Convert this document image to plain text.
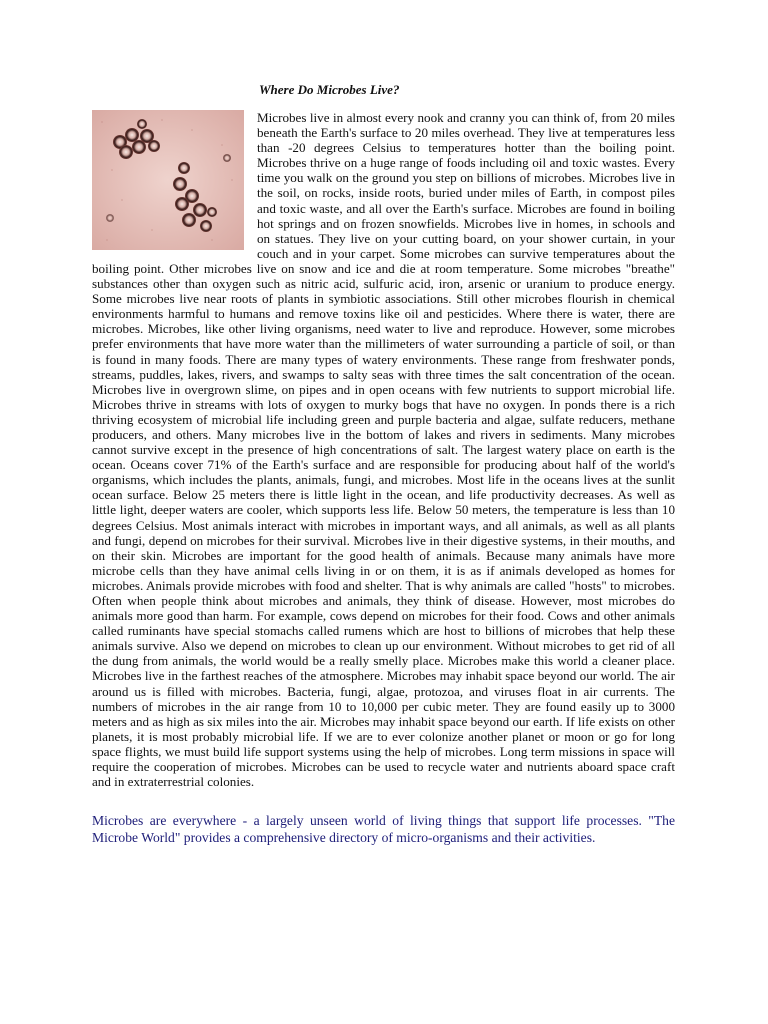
Where Do Microbes Live?
Microbes live in almost every nook and cranny you can think of, from 20 miles beneath the Earth's surface to 20 miles overhead. They live at temperatures less than -20 degrees Celsius to temperatures hotter than the boiling point. Microbes thrive on a huge range of foods including oil and toxic wastes. Every time you walk on the ground you step on billions of microbes. Microbes live in the soil, on rocks, inside roots, buried under miles of Earth, in compost piles and toxic waste, and all over the Earth's surface. Microbes are found in boiling hot springs and on frozen snowfields. Microbes live in homes, in schools and on statues. They live on your cutting board, on your shower curtain, in your couch and in your carpet. Some microbes can survive temperatures about the boiling point. Other microbes live on snow and ice and die at room temperature. Some microbes "breathe" substances other than oxygen such as nitric acid, sulfuric acid, iron, arsenic or uranium to produce energy. Some microbes live near roots of plants in symbiotic associations. Still other microbes flourish in chemical environments harmful to humans and remove toxins like oil and pesticides. Where there is water, there are microbes. Microbes, like other living organisms, need water to live and reproduce. However, some microbes prefer environments that have more water than the millimeters of water surrounding a particle of soil, or than is found in many foods. There are many types of watery environments. These range from freshwater ponds, streams, puddles, lakes, rivers, and swamps to salty seas with three times the salt concentration of the ocean. Microbes live in overgrown slime, on pipes and in open oceans with few nutrients to support microbial life. Microbes thrive in streams with lots of oxygen to murky bogs that have no oxygen. In ponds there is a rich thriving ecosystem of microbial life including green and purple bacteria and algae, sulfate reducers, methane producers, and others. Many microbes live in the bottom of lakes and rivers in sediments. Many microbes cannot survive except in the presence of high concentrations of salt. The largest watery place on earth is the ocean. Oceans cover 71% of the Earth's surface and are responsible for producing about half of the world's organisms, which includes the plants, animals, fungi, and microbes. Most life in the oceans lives at the sunlit ocean surface. Below 25 meters there is little light in the ocean, and life productivity decreases. As well as little light, deeper waters are cooler, which supports less life. Below 50 meters, the temperature is less than 10 degrees Celsius. Most animals interact with microbes in important ways, and all animals, as well as all plants and fungi, depend on microbes for their survival. Microbes live in their digestive systems, in their mouths, and on their skin. Microbes are important for the good health of animals. Because many animals have more microbe cells than they have animal cells living in or on them, it is as if animals developed as homes for microbes. Animals provide microbes with food and shelter. That is why animals are called "hosts" to microbes. Often when people think about microbes and animals, they think of disease. However, most microbes do animals more good than harm. For example, cows depend on microbes for their food. Cows and other animals called ruminants have special stomachs called rumens which are host to billions of microbes that help these animals survive. Also we depend on microbes to clean up our environment. Without microbes to get rid of all the dung from animals, the world would be a really smelly place. Microbes make this world a cleaner place. Microbes live in the farthest reaches of the atmosphere. Microbes may inhabit space beyond our world. The air around us is filled with microbes. Bacteria, fungi, algae, protozoa, and viruses float in air currents. The numbers of microbes in the air range from 10 to 10,000 per cubic meter. They are found easily up to 3000 meters and as high as six miles into the air. Microbes may inhabit space beyond our earth. If life exists on other planets, it is most probably microbial life. If we are to ever colonize another planet or moon or go for long space flights, we must build life support systems using the help of microbes. Long term missions in space will require the cooperation of microbes. Microbes can be used to recycle water and nutrients aboard space craft and in extraterrestrial colonies.

Microbes are everywhere - a largely unseen world of living things that support life processes. "The Microbe World" provides a comprehensive directory of micro-organisms and their activities.
